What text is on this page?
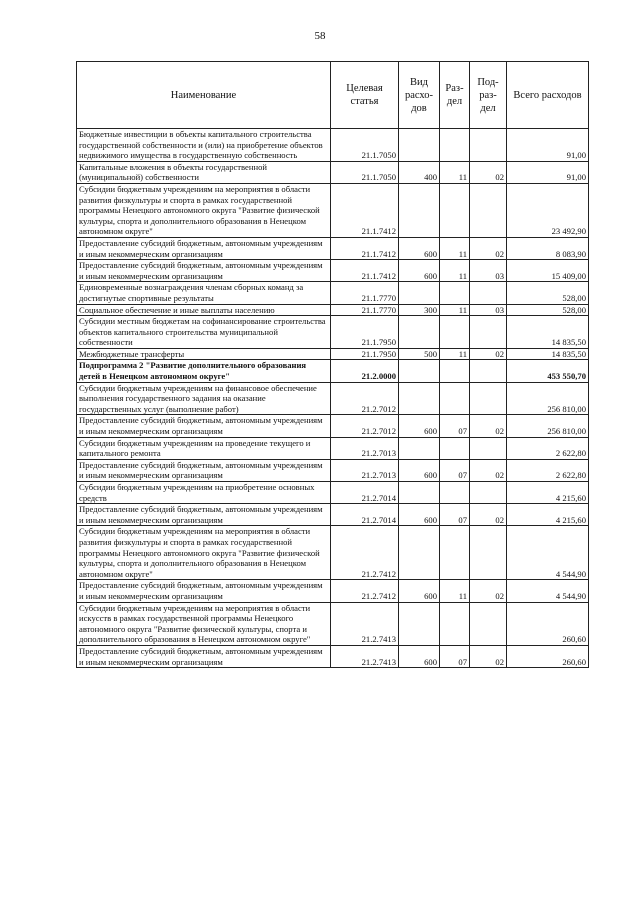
58
Наименование	Целевая статья	Вид расхо-дов	Раз-дел	Под-раз-дел	Всего расходов
Бюджетные инвестиции в объекты капитального строительства государственной собственности и (или) на приобретение объектов недвижимого имущества в государственную собственность	21.1.7050				91,00
Капитальные вложения в объекты государственной (муниципальной) собственности	21.1.7050	400	11	02	91,00
Субсидии бюджетным учреждениям на мероприятия в области развития физкультуры и спорта в рамках государственной программы Ненецкого автономного округа "Развитие физической культуры, спорта и дополнительного образования в Ненецком автономном округе"	21.1.7412				23 492,90
Предоставление субсидий бюджетным, автономным учреждениям и иным некоммерческим организациям	21.1.7412	600	11	02	8 083,90
Предоставление субсидий бюджетным, автономным учреждениям и иным некоммерческим организациям	21.1.7412	600	11	03	15 409,00
Единовременные вознаграждения членам сборных команд за достигнутые спортивные результаты	21.1.7770				528,00
Социальное обеспечение и иные выплаты населению	21.1.7770	300	11	03	528,00
Субсидии местным бюджетам на софинансирование строительства объектов капитального строительства муниципальной собственности	21.1.7950				14 835,50
Межбюджетные трансферты	21.1.7950	500	11	02	14 835,50
Подпрограмма 2 "Развитие дополнительного образования детей в Ненецком автономном округе"	21.2.0000				453 550,70
Субсидии бюджетным учреждениям на финансовое обеспечение выполнения государственного задания на оказание государственных услуг (выполнение работ)	21.2.7012				256 810,00
Предоставление субсидий бюджетным, автономным учреждениям и иным некоммерческим организациям	21.2.7012	600	07	02	256 810,00
Субсидии бюджетным учреждениям на проведение текущего и капитального ремонта	21.2.7013				2 622,80
Предоставление субсидий бюджетным, автономным учреждениям и иным некоммерческим организациям	21.2.7013	600	07	02	2 622,80
Субсидии бюджетным учреждениям на приобретение основных средств	21.2.7014				4 215,60
Предоставление субсидий бюджетным, автономным учреждениям и иным некоммерческим организациям	21.2.7014	600	07	02	4 215,60
Субсидии бюджетным учреждениям на мероприятия в области развития физкультуры и спорта в рамках государственной программы Ненецкого автономного округа "Развитие физической культуры, спорта и дополнительного образования в Ненецком автономном округе"	21.2.7412				4 544,90
Предоставление субсидий бюджетным, автономным учреждениям и иным некоммерческим организациям	21.2.7412	600	11	02	4 544,90
Субсидии бюджетным учреждениям на мероприятия в области искусств в рамках государственной программы Ненецкого автономного округа "Развитие физической культуры, спорта и дополнительного образования в Ненецком автономном округе"	21.2.7413				260,60
Предоставление субсидий бюджетным, автономным учреждениям и иным некоммерческим организациям	21.2.7413	600	07	02	260,60
